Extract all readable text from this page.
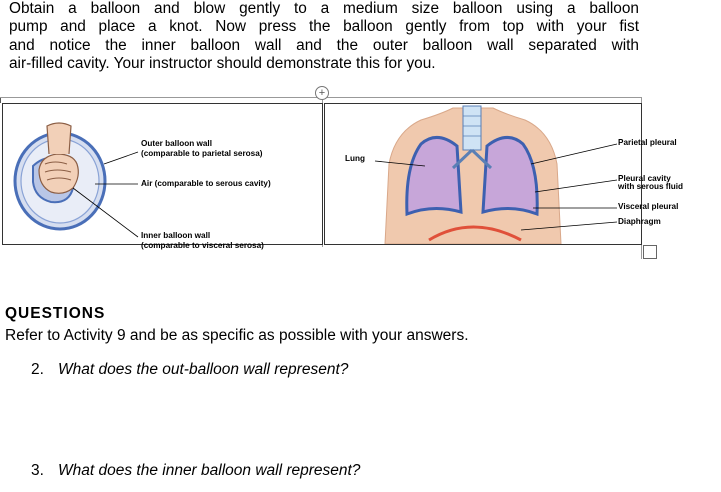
Obtain a balloon and blow gently to a medium size balloon using a balloon
pump and place a knot. Now press the balloon gently from top with your fist
and notice the inner balloon wall and the outer balloon wall separated with
air-filled cavity. Your instructor should demonstrate this for you.
+
Outer balloon wall
(comparable to parietal serosa)
Air (comparable to serous cavity)
Inner balloon wall
(comparable to visceral serosa)
Lung
Parietal pleural
Pleural cavity
with serous fluid
Visceral pleural
Diaphragm
QUESTIONS
Refer to Activity 9 and be as specific as possible with your answers.
2. What does the out-balloon wall represent?
3. What does the inner balloon wall represent?
